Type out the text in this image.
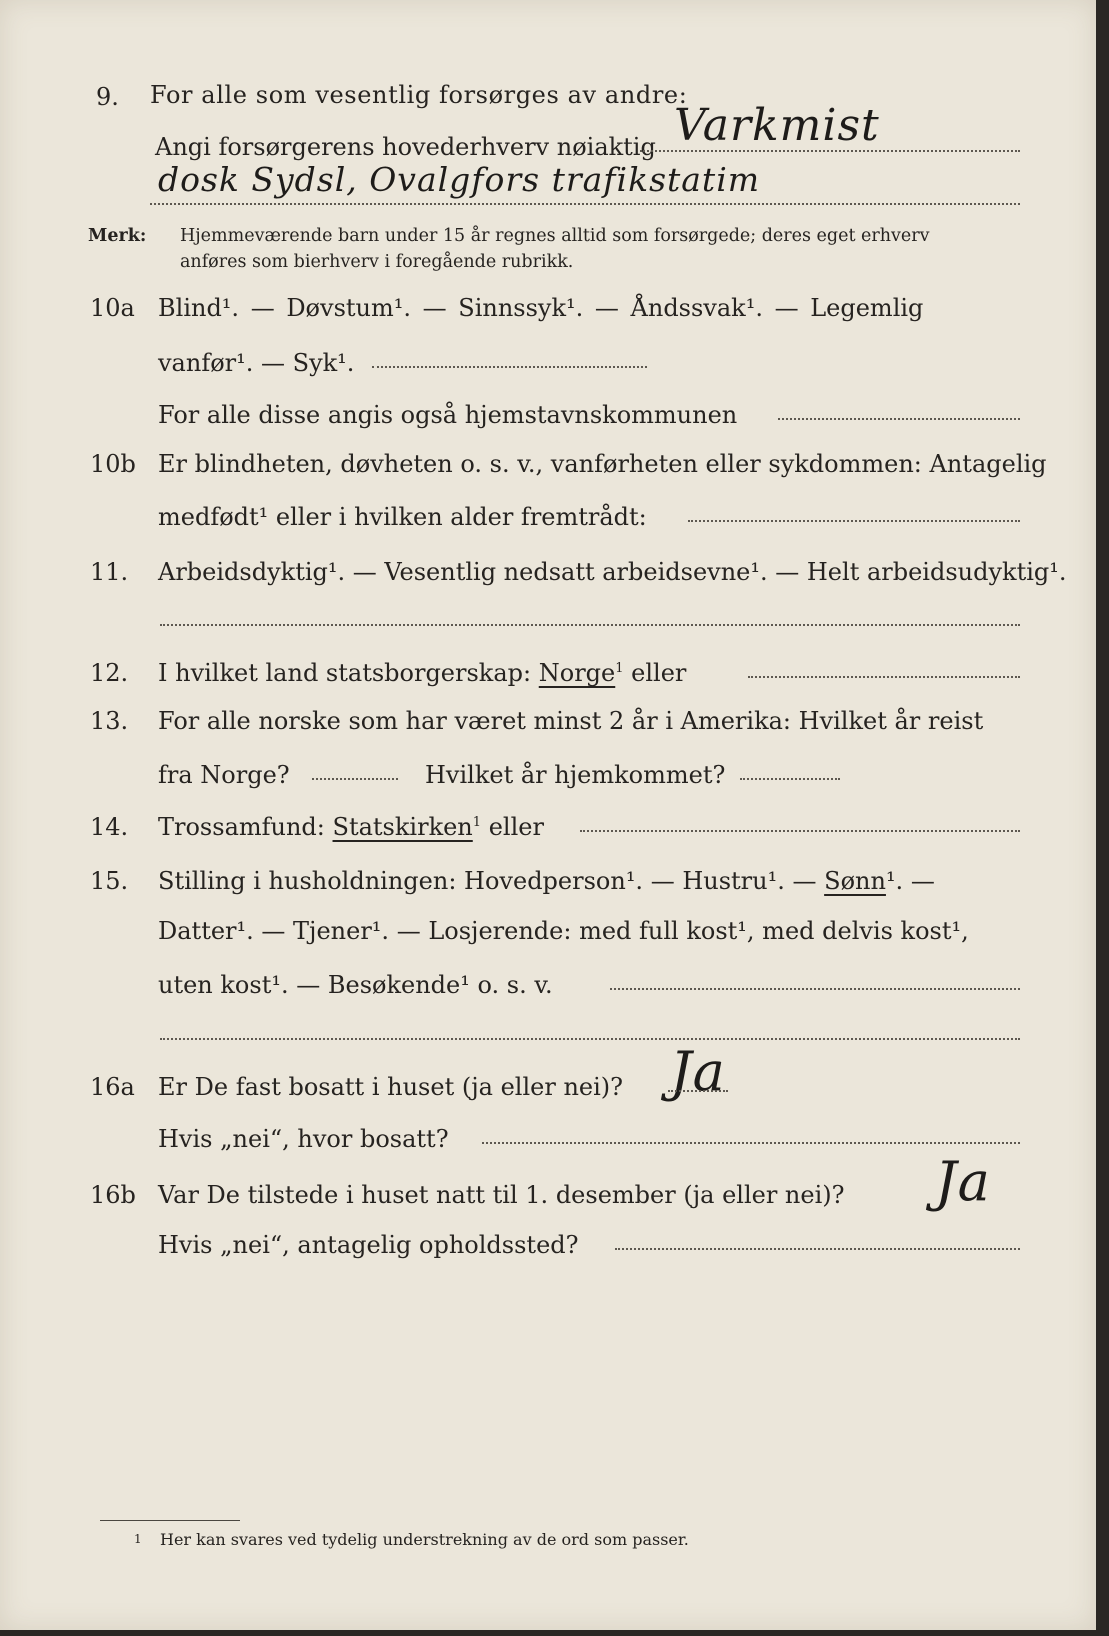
9. For alle som vesentlig forsørges av andre:
Angi forsørgerens hovederhverv nøiaktig Varkmist
dosk Sydsl, Ovalgfors trafikstatim
Merk: Hjemmeværende barn under 15 år regnes alltid som forsørgede; deres eget erhverv
anføres som bierhverv i foregående rubrikk.
10a Blind¹. — Døvstum¹. — Sinnssyk¹. — Åndssvak¹. — Legemlig
vanfør¹. — Syk¹.
For alle disse angis også hjemstavnskommunen
10b Er blindheten, døvheten o. s. v., vanførheten eller sykdommen: Antagelig
medfødt¹ eller i hvilken alder fremtrådt:
11. Arbeidsdyktig¹. — Vesentlig nedsatt arbeidsevne¹. — Helt arbeidsudyktig¹.
12. I hvilket land statsborgerskap: Norge$^1$ eller
13. For alle norske som har været minst 2 år i Amerika: Hvilket år reist
fra Norge?	Hvilket år hjemkommet?
14. Trossamfund: Statskirken$^1$ eller
15. Stilling i husholdningen: Hovedperson¹. — Hustru¹. — Sønn¹. —
Datter¹. — Tjener¹. — Losjerende: med full kost¹, med delvis kost¹,
uten kost¹. — Besøkende¹ o. s. v.
16a Er De fast bosatt i huset (ja eller nei)? Ja
Hvis „nei“, hvor bosatt?
16b Var De tilstede i huset natt til 1. desember (ja eller nei)? Ja
Hvis „nei“, antagelig opholdssted?
1 Her kan svares ved tydelig understrekning av de ord som passer.
